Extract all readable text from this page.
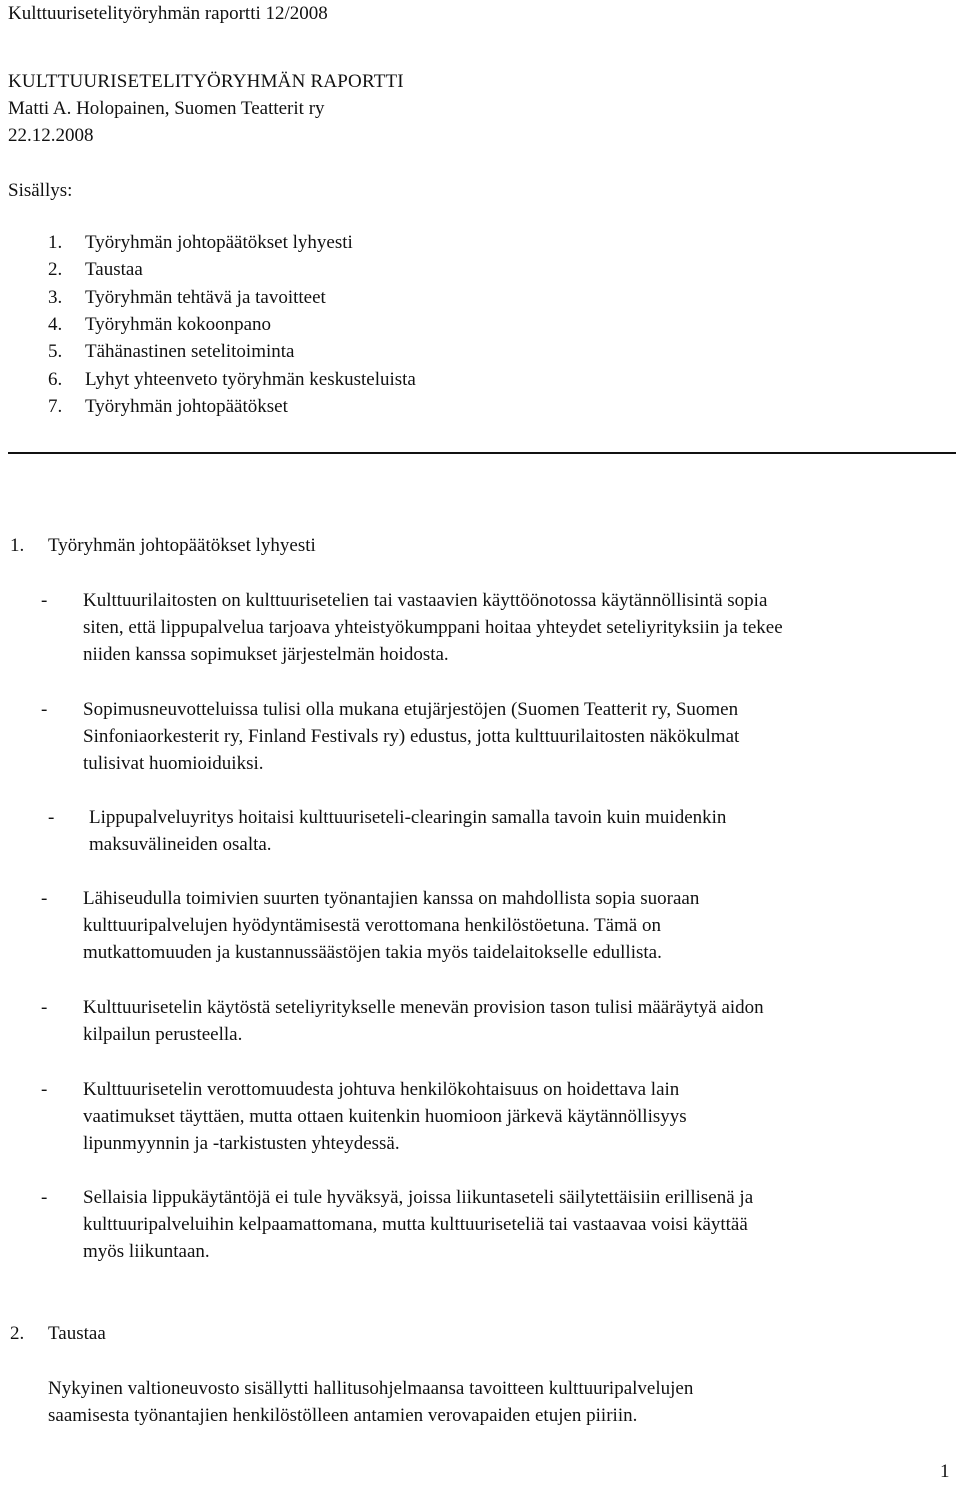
Kulttuurisetelityöryhmän raportti 12/2008
KULTTUURISETELITYÖRYHMÄN RAPORTTI
Matti A. Holopainen, Suomen Teatterit ry
22.12.2008
Sisällys:
1.	Työryhmän johtopäätökset lyhyesti
2.	Taustaa
3.	Työryhmän tehtävä ja tavoitteet
4.	Työryhmän kokoonpano
5.	Tähänastinen setelitoiminta
6.	Lyhyt yhteenveto työryhmän keskusteluista
7.	Työryhmän johtopäätökset
1. Työryhmän johtopäätökset lyhyesti
- Kulttuurilaitosten on kulttuurisetelien tai vastaavien käyttöönotossa käytännöllisintä sopia
siten, että lippupalvelua tarjoava yhteistyökumppani hoitaa yhteydet seteliyrityksiin ja tekee
niiden kanssa sopimukset järjestelmän hoidosta.
- Sopimusneuvotteluissa tulisi olla mukana etujärjestöjen (Suomen Teatterit ry, Suomen
Sinfoniaorkesterit ry, Finland Festivals ry) edustus, jotta kulttuurilaitosten näkökulmat
tulisivat huomioiduiksi.
- Lippupalveluyritys hoitaisi kulttuuriseteli-clearingin samalla tavoin kuin muidenkin
maksuvälineiden osalta.
- Lähiseudulla toimivien suurten työnantajien kanssa on mahdollista sopia suoraan
kulttuuripalvelujen hyödyntämisestä verottomana henkilöstöetuna. Tämä on
mutkattomuuden ja kustannussäästöjen takia myös taidelaitokselle edullista.
- Kulttuurisetelin käytöstä seteliyritykselle menevän provision tason tulisi määräytyä aidon
kilpailun perusteella.
- Kulttuurisetelin verottomuudesta johtuva henkilökohtaisuus on hoidettava lain
vaatimukset täyttäen, mutta ottaen kuitenkin huomioon järkevä käytännöllisyys
lipunmyynnin ja -tarkistusten yhteydessä.
- Sellaisia lippukäytäntöjä ei tule hyväksyä, joissa liikuntaseteli säilytettäisiin erillisenä ja
kulttuuripalveluihin kelpaamattomana, mutta kulttuuriseteliä tai vastaavaa voisi käyttää
myös liikuntaan.
2. Taustaa
Nykyinen valtioneuvosto sisällytti hallitusohjelmaansa tavoitteen kulttuuripalvelujen
saamisesta työnantajien henkilöstölleen antamien verovapaiden etujen piiriin.
1
